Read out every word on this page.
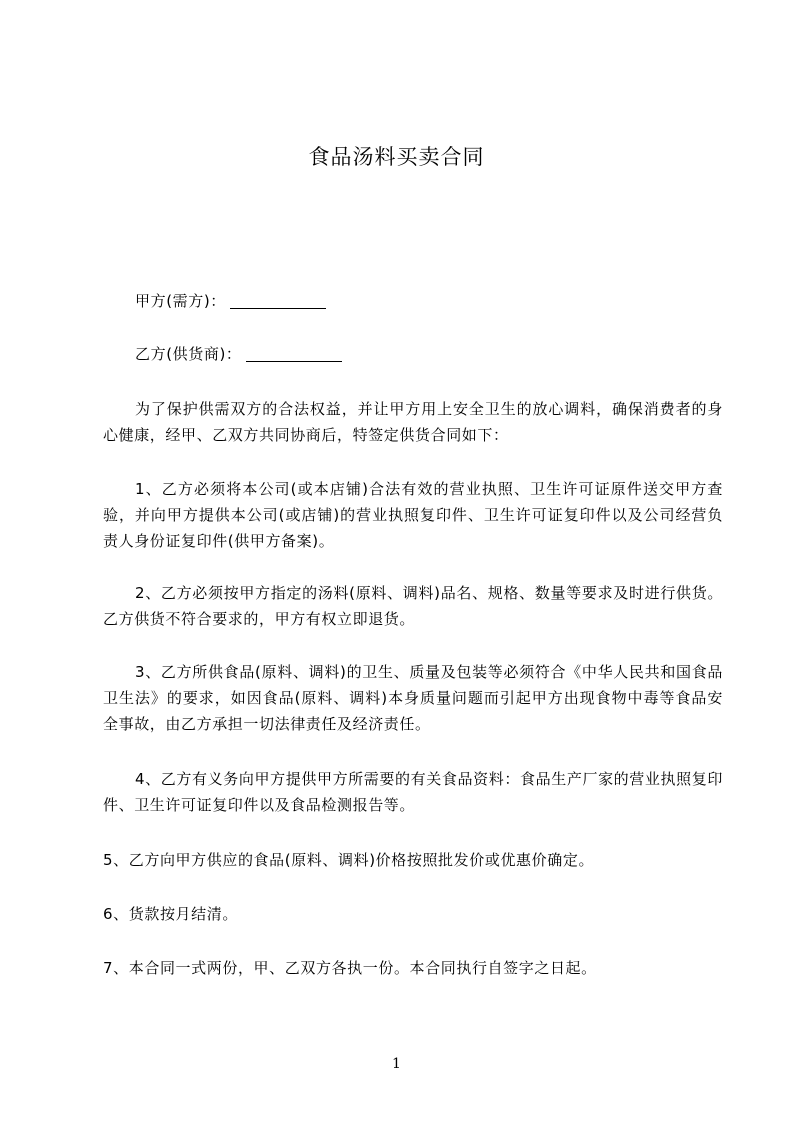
食品汤料买卖合同
甲方(需方)：
乙方(供货商)：
为了保护供需双方的合法权益，并让甲方用上安全卫生的放心调料，确保消费者的身心健康，经甲、乙双方共同协商后，特签定供货合同如下：
1、乙方必须将本公司(或本店铺)合法有效的营业执照、卫生许可证原件送交甲方查验，并向甲方提供本公司(或店铺)的营业执照复印件、卫生许可证复印件以及公司经营负责人身份证复印件(供甲方备案)。
2、乙方必须按甲方指定的汤料(原料、调料)品名、规格、数量等要求及时进行供货。乙方供货不符合要求的，甲方有权立即退货。
3、乙方所供食品(原料、调料)的卫生、质量及包装等必须符合《中华人民共和国食品卫生法》的要求，如因食品(原料、调料)本身质量问题而引起甲方出现食物中毒等食品安全事故，由乙方承担一切法律责任及经济责任。
4、乙方有义务向甲方提供甲方所需要的有关食品资料：食品生产厂家的营业执照复印件、卫生许可证复印件以及食品检测报告等。
5、乙方向甲方供应的食品(原料、调料)价格按照批发价或优惠价确定。
6、货款按月结清。
7、本合同一式两份，甲、乙双方各执一份。本合同执行自签字之日起。
1
